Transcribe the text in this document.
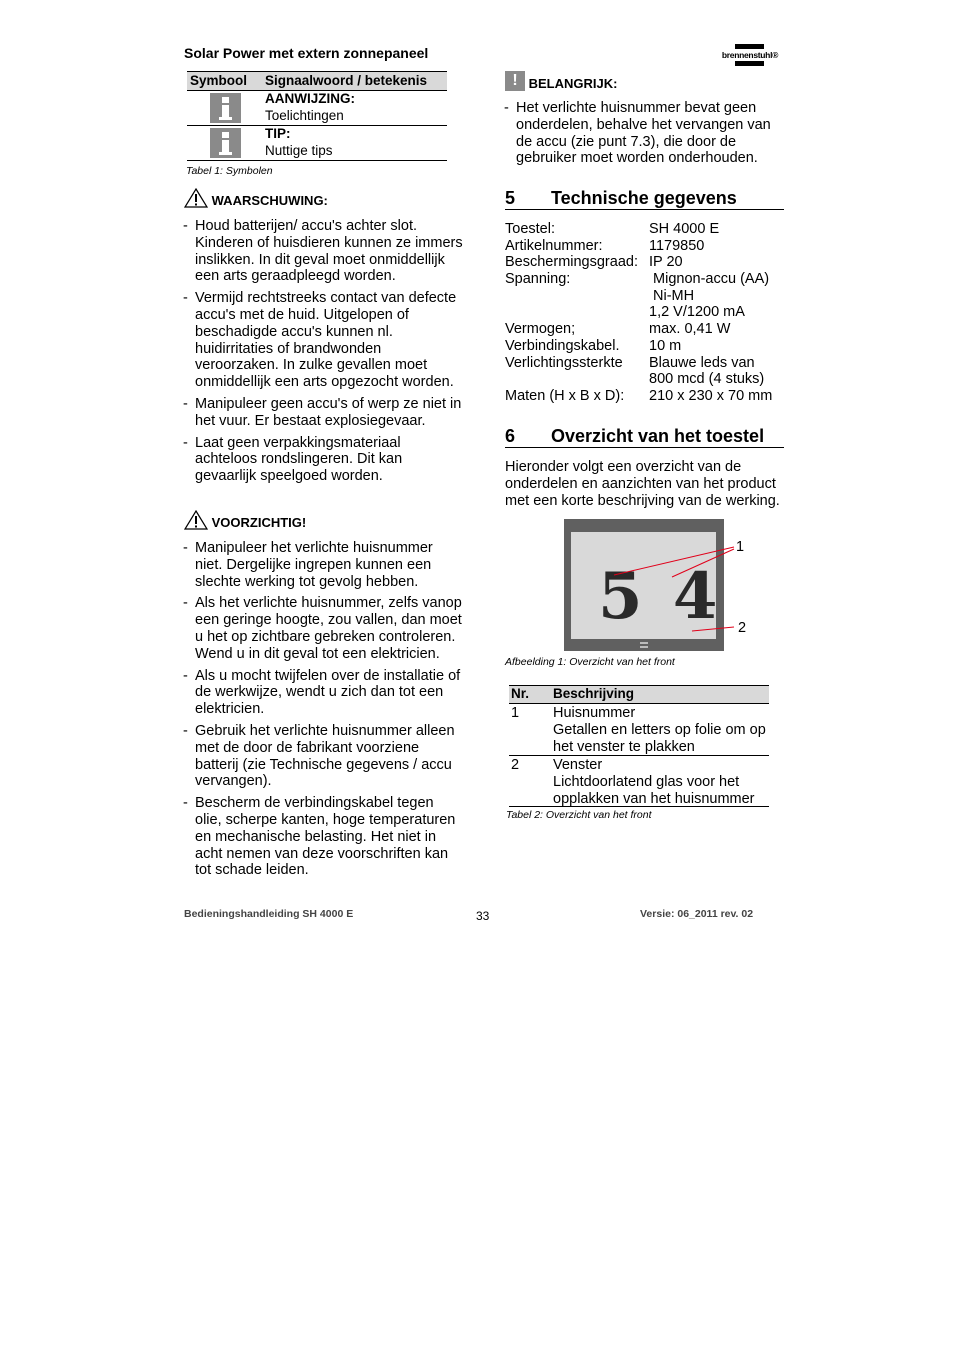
Solar Power met extern zonnepaneel	brennenstuhl®
Symbool Signaalwoord / betekenis
AANWIJZING:
Toelichtingen
TIP:
Nuttige tips
Tabel 1: Symbolen
WAARSCHUWING:
- Houd batterijen/ accu's achter slot. Kinderen of huisdieren kunnen ze immers inslikken. In dit geval moet onmiddellijk een arts geraadpleegd worden.
- Vermijd rechtstreeks contact van defecte accu's met de huid. Uitgelopen of beschadigde accu's kunnen nl. huidirritaties of brandwonden veroorzaken. In zulke gevallen moet onmiddellijk een arts opgezocht worden.
- Manipuleer geen accu's of werp ze niet in het vuur. Er bestaat explosiegevaar.
- Laat geen verpakkingsmateriaal achteloos rondslingeren. Dit kan gevaarlijk speelgoed worden.
VOORZICHTIG!
- Manipuleer het verlichte huisnummer niet. Dergelijke ingrepen kunnen een slechte werking tot gevolg hebben.
- Als het verlichte huisnummer, zelfs vanop een geringe hoogte, zou vallen, dan moet u het op zichtbare gebreken controleren. Wend u in dit geval tot een elektricien.
- Als u mocht twijfelen over de installatie of de werkwijze, wendt u zich dan tot een elektricien.
- Gebruik het verlichte huisnummer alleen met de door de fabrikant voorziene batterij (zie Technische gegevens / accu vervangen).
- Bescherm de verbindingskabel tegen olie, scherpe kanten, hoge temperaturen en mechanische belasting. Het niet in acht nemen van deze voorschriften kan tot schade leiden.
! BELANGRIJK:
- Het verlichte huisnummer bevat geen onderdelen, behalve het vervangen van de accu (zie punt 7.3), die door de gebruiker moet worden onderhouden.
5 Technische gegevens
Toestel:	SH 4000 E
Artikelnummer:	1179850
Beschermingsgraad: IP 20
Spanning:	Mignon-accu (AA)
Ni-MH
1,2 V/1200 mA
Vermogen;	max. 0,41 W
Verbindingskabel. 10 m
Verlichtingssterkte Blauwe leds van
800 mcd (4 stuks)
Maten (H x B x D): 210 x 230 x 70 mm
6 Overzicht van het toestel
Hieronder volgt een overzicht van de onderdelen en aanzichten van het product met een korte beschrijving van de werking.
5 4
1
2
Afbeelding 1: Overzicht van het front
Nr. Beschrijving
1 Huisnummer
Getallen en letters op folie om op het venster te plakken
2 Venster
Lichtdoorlatend glas voor het opplakken van het huisnummer
Tabel 2: Overzicht van het front
Bedieningshandleiding SH 4000 E	33	Versie: 06_2011 rev. 02
